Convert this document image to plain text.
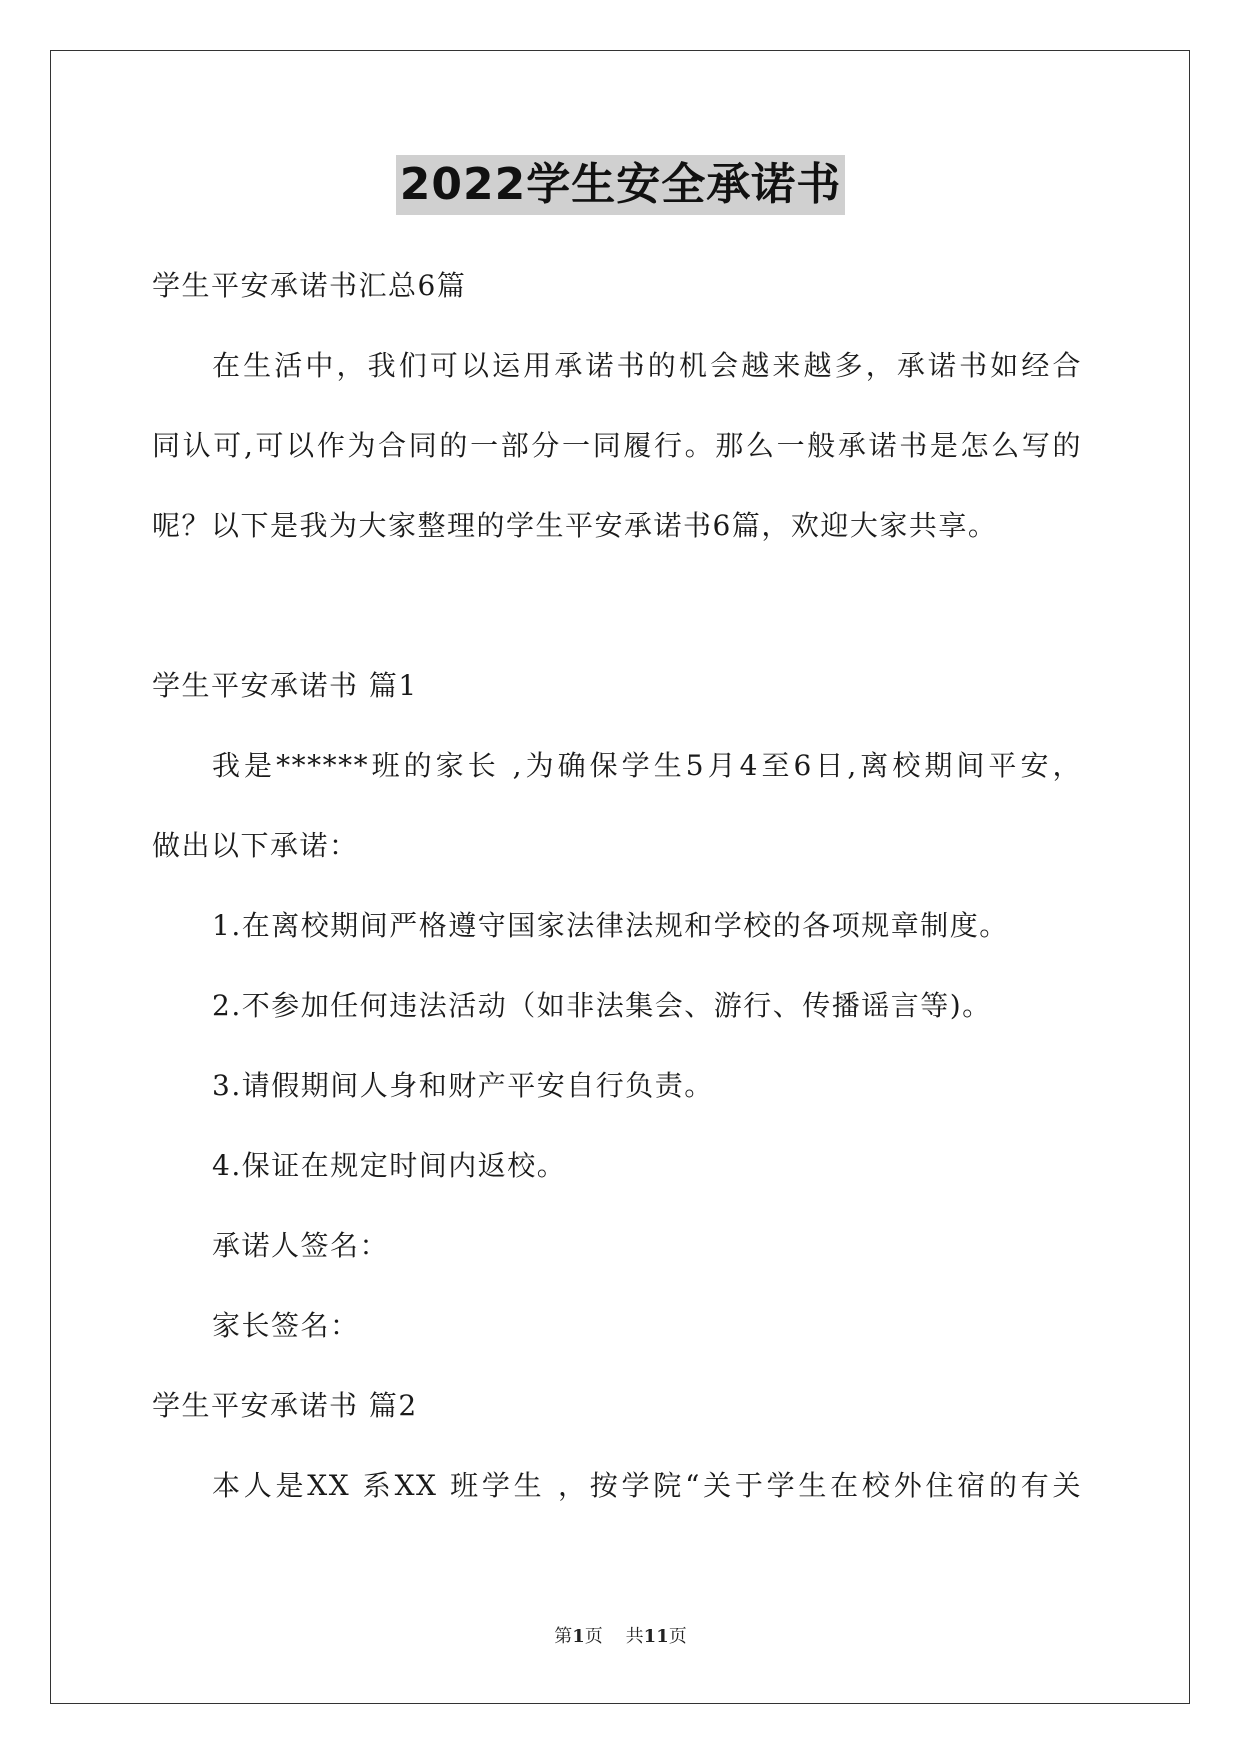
2022学生安全承诺书
学生平安承诺书汇总6篇
在生活中，我们可以运用承诺书的机会越来越多，承诺书如经合
同认可,可以作为合同的一部分一同履行。那么一般承诺书是怎么写的
呢？以下是我为大家整理的学生平安承诺书6篇，欢迎大家共享。
学生平安承诺书 篇1
我是******班的家长 ,为确保学生5月4至6日,离校期间平安，
做出以下承诺：
1.在离校期间严格遵守国家法律法规和学校的各项规章制度。
2.不参加任何违法活动（如非法集会、游行、传播谣言等)。
3.请假期间人身和财产平安自行负责。
4.保证在规定时间内返校。
承诺人签名：
家长签名：
学生平安承诺书 篇2
本人是XX 系XX 班学生 ，按学院“关于学生在校外住宿的有关
第1页 共11页
